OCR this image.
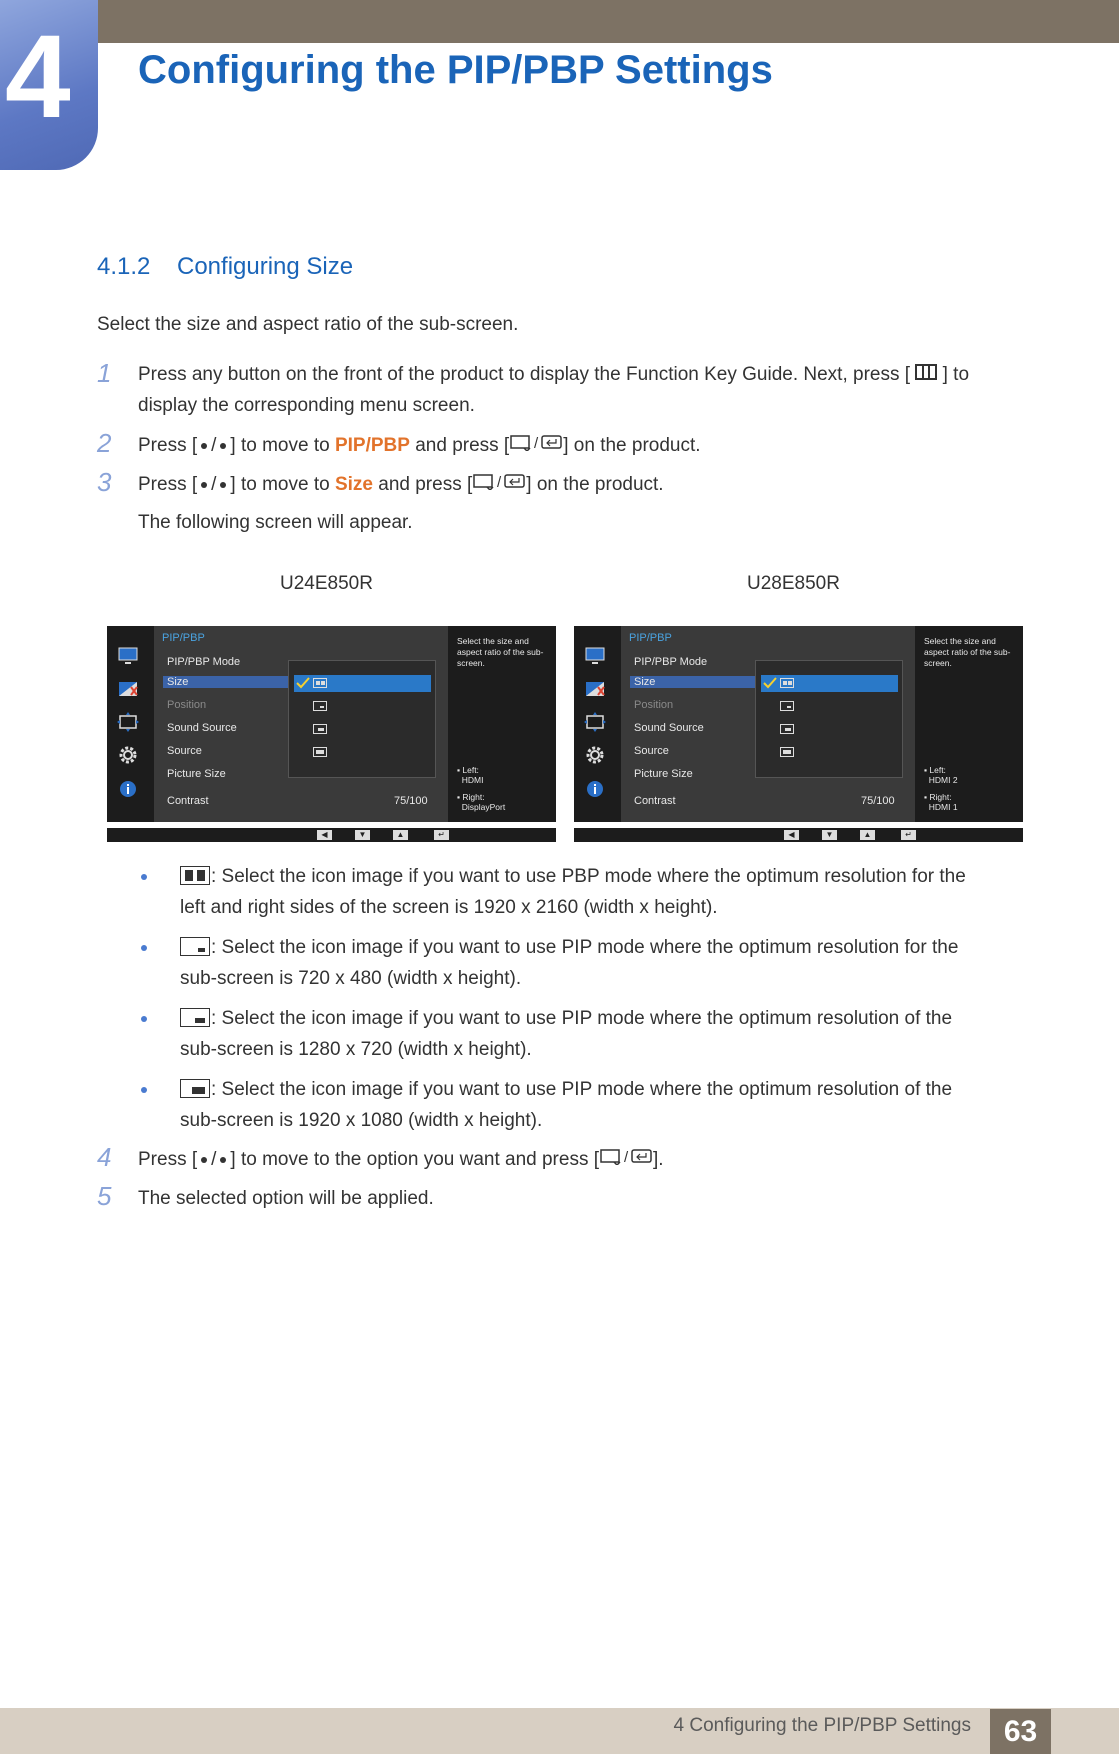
4 Configuring the PIP/PBP Settings
4.1.2 Configuring Size
Select the size and aspect ratio of the sub-screen.
1 Press any button on the front of the product to display the Function Key Guide. Next, press [ ] to
display the corresponding menu screen.
2 Press [ / ] to move to PIP/PBP and press [ / ] on the product.
3 Press [ / ] to move to Size and press [ / ] on the product.
The following screen will appear.
U24E850R	U28E850R
PIP/PBP
PIP/PBP Mode
Size
Position
Sound Source
Source
Picture Size
Contrast	75/100
Select the size and aspect ratio of the sub-screen.
▪ Left:
HDMI
▪ Right:
DisplayPort
◀	▼	▲	↵
PIP/PBP
PIP/PBP Mode
Size
Position
Sound Source
Source
Picture Size
Contrast	75/100
Select the size and aspect ratio of the sub-screen.
▪ Left:
HDMI 2
▪ Right:
HDMI 1
◀	▼	▲	↵
: Select the icon image if you want to use PBP mode where the optimum resolution for the
left and right sides of the screen is 1920 x 2160 (width x height).
: Select the icon image if you want to use PIP mode where the optimum resolution for the
sub-screen is 720 x 480 (width x height).
: Select the icon image if you want to use PIP mode where the optimum resolution of the
sub-screen is 1280 x 720 (width x height).
: Select the icon image if you want to use PIP mode where the optimum resolution of the
sub-screen is 1920 x 1080 (width x height).
4 Press [ / ] to move to the option you want and press [ / ].
5 The selected option will be applied.
4 Configuring the PIP/PBP Settings	63
